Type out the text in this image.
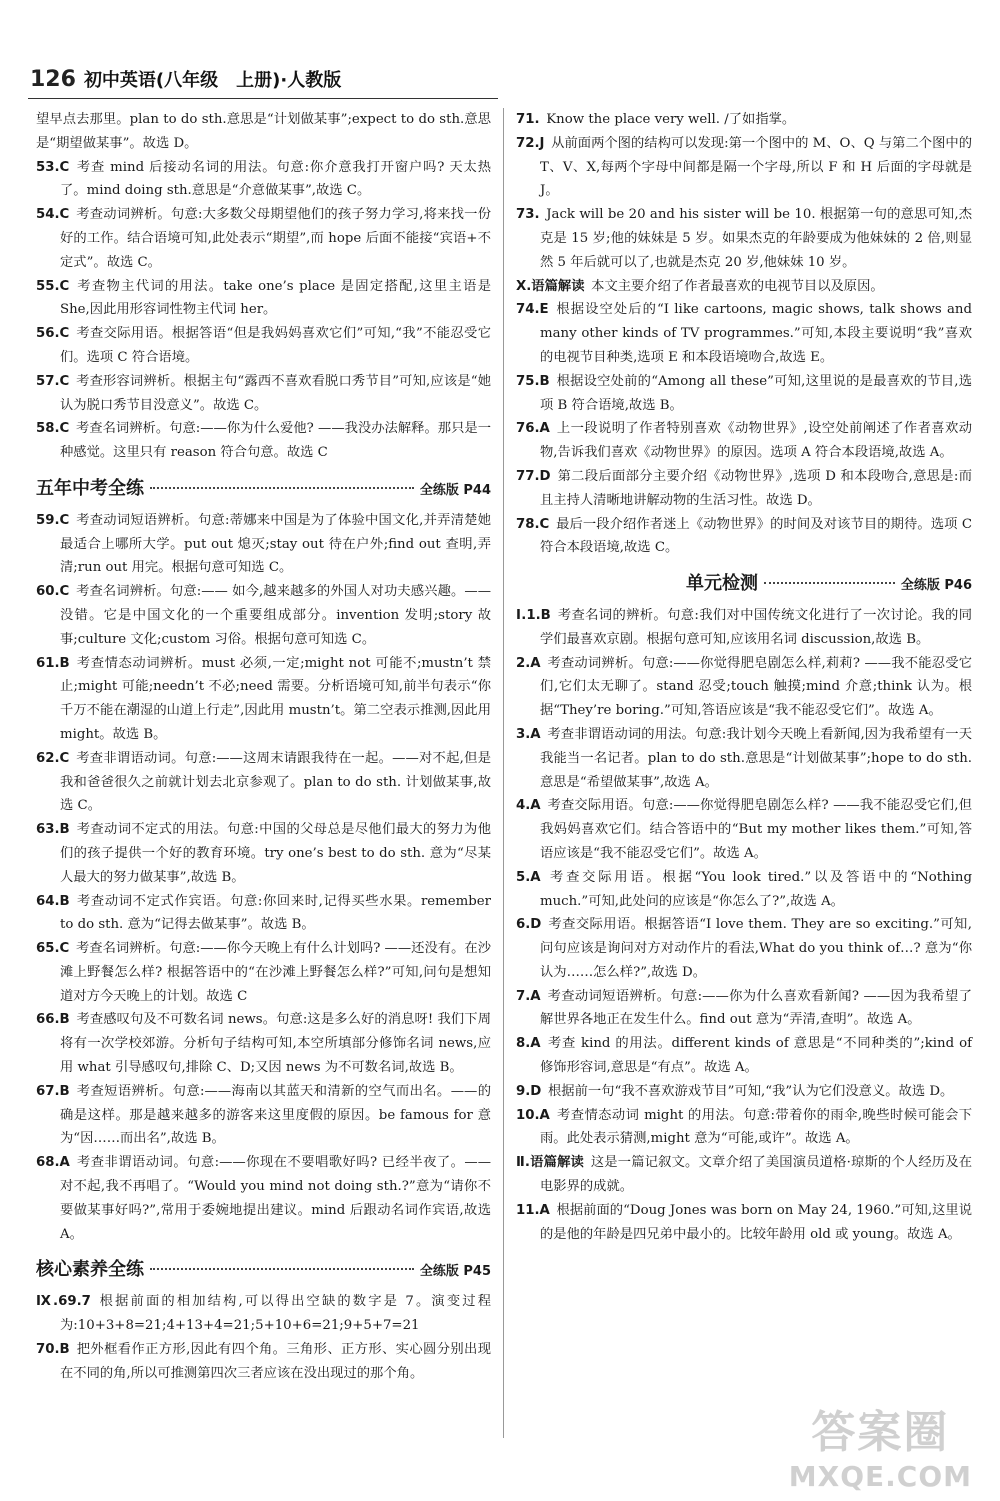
126 初中英语(八年级　上册)·人教版

望早点去那里。plan to do sth.意思是“计划做某事”;expect to do sth.意思是“期望做某事”。故选 D。

53.C  考查 mind 后接动名词的用法。句意:你介意我打开窗户吗? 天太热了。mind doing sth.意思是“介意做某事”,故选 C。

54.C  考查动词辨析。句意:大多数父母期望他们的孩子努力学习,将来找一份好的工作。结合语境可知,此处表示“期望”,而 hope 后面不能接“宾语+不定式”。故选 C。

55.C  考查物主代词的用法。take one’s place 是固定搭配,这里主语是 She,因此用形容词性物主代词 her。

56.C  考查交际用语。根据答语“但是我妈妈喜欢它们”可知,“我”不能忍受它们。选项 C 符合语境。

57.C  考查形容词辨析。根据主句“露西不喜欢看脱口秀节目”可知,应该是“她认为脱口秀节目没意义”。故选 C。

58.C  考查名词辨析。句意:——你为什么爱他? ——我没办法解释。那只是一种感觉。这里只有 reason 符合句意。故选 C

五年中考全练	全练版 P44

59.C  考查动词短语辨析。句意:蒂娜来中国是为了体验中国文化,并弄清楚她最适合上哪所大学。put out 熄灭;stay out 待在户外;find out 查明,弄清;run out 用完。根据句意可知选 C。

60.C  考查名词辨析。句意:—— 如今,越来越多的外国人对功夫感兴趣。—— 没错。它是中国文化的一个重要组成部分。invention 发明;story 故事;culture 文化;custom 习俗。根据句意可知选 C。

61.B  考查情态动词辨析。must 必须,一定;might not 可能不;mustn’t 禁止;might 可能;needn’t 不必;need 需要。分析语境可知,前半句表示“你千万不能在潮湿的山道上行走”,因此用 mustn’t。第二空表示推测,因此用 might。故选 B。

62.C  考查非谓语动词。句意:——这周末请跟我待在一起。——对不起,但是我和爸爸很久之前就计划去北京参观了。plan to do sth. 计划做某事,故选 C。

63.B  考查动词不定式的用法。句意:中国的父母总是尽他们最大的努力为他们的孩子提供一个好的教育环境。try one’s best to do sth. 意为“尽某人最大的努力做某事”,故选 B。

64.B  考查动词不定式作宾语。句意:你回来时,记得买些水果。remember to do sth. 意为“记得去做某事”。故选 B。

65.C  考查名词辨析。句意:——你今天晚上有什么计划吗? ——还没有。在沙滩上野餐怎么样? 根据答语中的“在沙滩上野餐怎么样?”可知,问句是想知道对方今天晚上的计划。故选 C

66.B  考查感叹句及不可数名词 news。句意:这是多么好的消息呀! 我们下周将有一次学校郊游。分析句子结构可知,本空所填部分修饰名词 news,应用 what 引导感叹句,排除 C、D;又因 news 为不可数名词,故选 B。

67.B  考查短语辨析。句意:——海南以其蓝天和清新的空气而出名。——的确是这样。那是越来越多的游客来这里度假的原因。be famous for 意为“因……而出名”,故选 B。

68.A  考查非谓语动词。句意:——你现在不要唱歌好吗? 已经半夜了。——对不起,我不再唱了。“Would you mind not doing sth.?”意为“请你不要做某事好吗?”,常用于委婉地提出建议。mind 后跟动名词作宾语,故选 A。

核心素养全练	全练版 P45

Ⅸ.69.7  根据前面的相加结构,可以得出空缺的数字是 7。演变过程为:10+3+8=21;4+13+4=21;5+10+6=21;9+5+7=21

70.B  把外框看作正方形,因此有四个角。三角形、正方形、实心圆分别出现在不同的角,所以可推测第四次三者应该在没出现过的那个角。

71.  Know the place very well. /了如指掌。

72.J  从前面两个图的结构可以发现:第一个图中的 M、O、Q 与第二个图中的 T、V、X,每两个字母中间都是隔一个字母,所以 F 和 H 后面的字母就是 J。

73.  Jack will be 20 and his sister will be 10. 根据第一句的意思可知,杰克是 15 岁;他的妹妹是 5 岁。如果杰克的年龄要成为他妹妹的 2 倍,则显然 5 年后就可以了,也就是杰克 20 岁,他妹妹 10 岁。

Ⅹ.语篇解读  本文主要介绍了作者最喜欢的电视节目以及原因。

74.E  根据设空处后的“I like cartoons, magic shows, talk shows and many other kinds of TV programmes.”可知,本段主要说明“我”喜欢的电视节目种类,选项 E 和本段语境吻合,故选 E。

75.B  根据设空处前的“Among all these”可知,这里说的是最喜欢的节目,选项 B 符合语境,故选 B。

76.A  上一段说明了作者特别喜欢《动物世界》,设空处前阐述了作者喜欢动物,告诉我们喜欢《动物世界》的原因。选项 A 符合本段语境,故选 A。

77.D  第二段后面部分主要介绍《动物世界》,选项 D 和本段吻合,意思是:而且主持人清晰地讲解动物的生活习性。故选 D。

78.C  最后一段介绍作者迷上《动物世界》的时间及对该节目的期待。选项 C 符合本段语境,故选 C。

单元检测	全练版 P46

Ⅰ.1.B  考查名词的辨析。句意:我们对中国传统文化进行了一次讨论。我的同学们最喜欢京剧。根据句意可知,应该用名词 discussion,故选 B。

2.A  考查动词辨析。句意:——你觉得肥皂剧怎么样,莉莉? ——我不能忍受它们,它们太无聊了。stand 忍受;touch 触摸;mind 介意;think 认为。根据“They’re boring.”可知,答语应该是“我不能忍受它们”。故选 A。

3.A  考查非谓语动词的用法。句意:我计划今天晚上看新闻,因为我希望有一天我能当一名记者。plan to do sth.意思是“计划做某事”;hope to do sth.意思是“希望做某事”,故选 A。

4.A  考查交际用语。句意:——你觉得肥皂剧怎么样? ——我不能忍受它们,但我妈妈喜欢它们。结合答语中的“But my mother likes them.”可知,答语应该是“我不能忍受它们”。故选 A。

5.A  考查交际用语。根据“You look tired.”以及答语中的“Nothing much.”可知,此处问的应该是“你怎么了?”,故选 A。

6.D  考查交际用语。根据答语“I love them. They are so exciting.”可知,问句应该是询问对方对动作片的看法,What do you think of…? 意为“你认为……怎么样?”,故选 D。

7.A  考查动词短语辨析。句意:——你为什么喜欢看新闻? ——因为我希望了解世界各地正在发生什么。find out 意为“弄清,查明”。故选 A。

8.A  考查 kind 的用法。different kinds of 意思是“不同种类的”;kind of 修饰形容词,意思是“有点”。故选 A。

9.D  根据前一句“我不喜欢游戏节目”可知,“我”认为它们没意义。故选 D。

10.A  考查情态动词 might 的用法。句意:带着你的雨伞,晚些时候可能会下雨。此处表示猜测,might 意为“可能,或许”。故选 A。

Ⅱ.语篇解读  这是一篇记叙文。文章介绍了美国演员道格·琼斯的个人经历及在电影界的成就。

11.A  根据前面的“Doug Jones was born on May 24, 1960.”可知,这里说的是他的年龄是四兄弟中最小的。比较年龄用 old 或 young。故选 A。

答案圈
MXQE.COM
